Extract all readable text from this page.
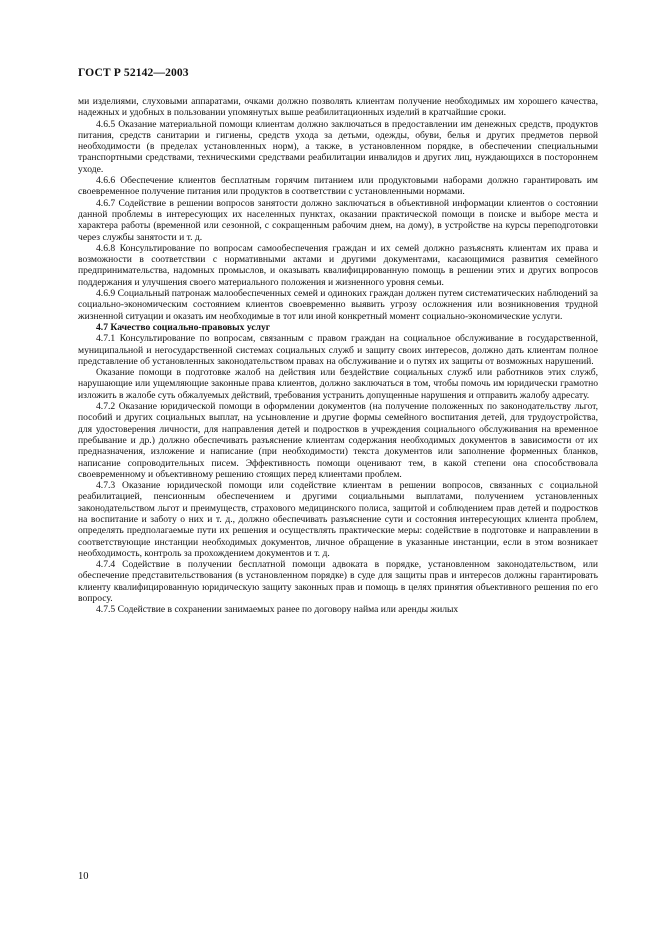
ГОСТ Р 52142—2003

ми изделиями, слуховыми аппаратами, очками должно позволять клиентам получение необходимых им хорошего качества, надежных и удобных в пользовании упомянутых выше реабилитационных изделий в кратчайшие сроки.

4.6.5 Оказание материальной помощи клиентам должно заключаться в предоставлении им денежных средств, продуктов питания, средств санитарии и гигиены, средств ухода за детьми, одежды, обуви, белья и других предметов первой необходимости (в пределах установленных норм), а также, в установленном порядке, в обеспечении специальными транспортными средствами, техническими средствами реабилитации инвалидов и других лиц, нуждающихся в постороннем уходе.

4.6.6 Обеспечение клиентов бесплатным горячим питанием или продуктовыми наборами должно гарантировать им своевременное получение питания или продуктов в соответствии с установленными нормами.

4.6.7 Содействие в решении вопросов занятости должно заключаться в объективной информации клиентов о состоянии данной проблемы в интересующих их населенных пунктах, оказании практической помощи в поиске и выборе места и характера работы (временной или сезонной, с сокращенным рабочим днем, на дому), в устройстве на курсы переподготовки через службы занятости и т. д.

4.6.8 Консультирование по вопросам самообеспечения граждан и их семей должно разъяснять клиентам их права и возможности в соответствии с нормативными актами и другими документами, касающимися развития семейного предпринимательства, надомных промыслов, и оказывать квалифицированную помощь в решении этих и других вопросов поддержания и улучшения своего материального положения и жизненного уровня семьи.

4.6.9 Социальный патронаж малообеспеченных семей и одиноких граждан должен путем систематических наблюдений за социально-экономическим состоянием клиентов своевременно выявить угрозу осложнения или возникновения трудной жизненной ситуации и оказать им необходимые в тот или иной конкретный момент социально-экономические услуги.

4.7 Качество социально-правовых услуг

4.7.1 Консультирование по вопросам, связанным с правом граждан на социальное обслуживание в государственной, муниципальной и негосударственной системах социальных служб и защиту своих интересов, должно дать клиентам полное представление об установленных законодательством правах на обслуживание и о путях их защиты от возможных нарушений.

Оказание помощи в подготовке жалоб на действия или бездействие социальных служб или работников этих служб, нарушающие или ущемляющие законные права клиентов, должно заключаться в том, чтобы помочь им юридически грамотно изложить в жалобе суть обжалуемых действий, требования устранить допущенные нарушения и отправить жалобу адресату.

4.7.2 Оказание юридической помощи в оформлении документов (на получение положенных по законодательству льгот, пособий и других социальных выплат, на усыновление и другие формы семейного воспитания детей, для трудоустройства, для удостоверения личности, для направления детей и подростков в учреждения социального обслуживания на временное пребывание и др.) должно обеспечивать разъяснение клиентам содержания необходимых документов в зависимости от их предназначения, изложение и написание (при необходимости) текста документов или заполнение форменных бланков, написание сопроводительных писем. Эффективность помощи оценивают тем, в какой степени она способствовала своевременному и объективному решению стоящих перед клиентами проблем.

4.7.3 Оказание юридической помощи или содействие клиентам в решении вопросов, связанных с социальной реабилитацией, пенсионным обеспечением и другими социальными выплатами, получением установленных законодательством льгот и преимуществ, страхового медицинского полиса, защитой и соблюдением прав детей и подростков на воспитание и заботу о них и т. д., должно обеспечивать разъяснение сути и состояния интересующих клиента проблем, определять предполагаемые пути их решения и осуществлять практические меры: содействие в подготовке и направлении в соответствующие инстанции необходимых документов, личное обращение в указанные инстанции, если в этом возникает необходимость, контроль за прохождением документов и т. д.

4.7.4 Содействие в получении бесплатной помощи адвоката в порядке, установленном законодательством, или обеспечение представительствования (в установленном порядке) в суде для защиты прав и интересов должны гарантировать клиенту квалифицированную юридическую защиту законных прав и помощь в целях принятия объективного решения по его вопросу.

4.7.5 Содействие в сохранении занимаемых ранее по договору найма или аренды жилых

10
